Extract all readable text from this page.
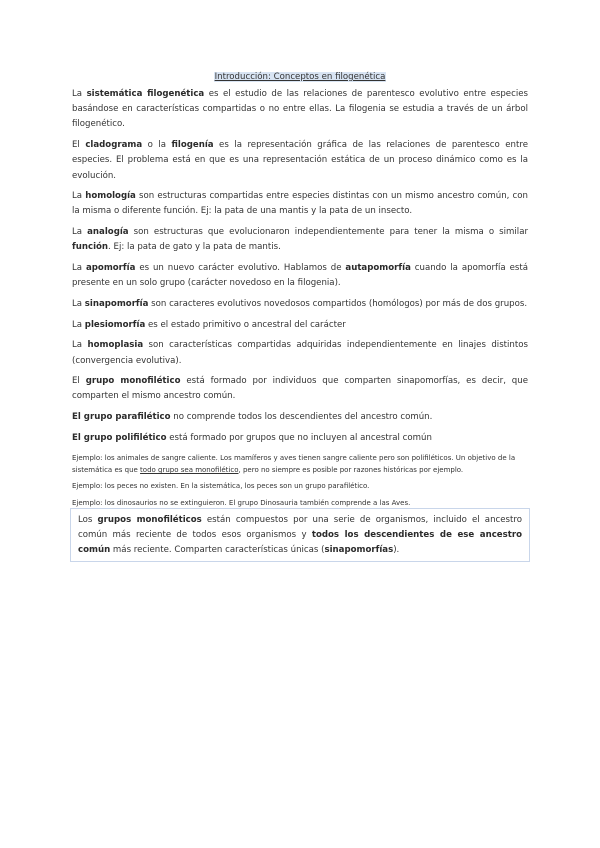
Introducción: Conceptos en filogenética

La sistemática filogenética es el estudio de las relaciones de parentesco evolutivo entre especies basándose en características compartidas o no entre ellas. La filogenia se estudia a través de un árbol filogenético.

El cladograma o la filogenía es la representación gráfica de las relaciones de parentesco entre especies. El problema está en que es una representación estática de un proceso dinámico como es la evolución.

La homología son estructuras compartidas entre especies distintas con un mismo ancestro común, con la misma o diferente función. Ej: la pata de una mantis y la pata de un insecto.

La analogía son estructuras que evolucionaron independientemente para tener la misma o similar función. Ej: la pata de gato y la pata de mantis.

La apomorfía es un nuevo carácter evolutivo. Hablamos de autapomorfía cuando la apomorfía está presente en un solo grupo (carácter novedoso en la filogenia).

La sinapomorfía son caracteres evolutivos novedosos compartidos (homólogos) por más de dos grupos.

La plesiomorfía es el estado primitivo o ancestral del carácter

La homoplasia son características compartidas adquiridas independientemente en linajes distintos (convergencia evolutiva).

El grupo monofilético está formado por individuos que comparten sinapomorfías, es decir, que comparten el mismo ancestro común.

El grupo parafilético no comprende todos los descendientes del ancestro común.

El grupo polifilético está formado por grupos que no incluyen al ancestral común

Ejemplo: los animales de sangre caliente. Los mamíferos y aves tienen sangre caliente pero son polifiléticos. Un objetivo de la sistemática es que todo grupo sea monofilético, pero no siempre es posible por razones históricas por ejemplo.

Ejemplo: los peces no existen. En la sistemática, los peces son un grupo parafilético.

Ejemplo: los dinosaurios no se extinguieron. El grupo Dinosauria también comprende a las Aves.

Los grupos monofiléticos están compuestos por una serie de organismos, incluido el ancestro común más reciente de todos esos organismos y todos los descendientes de ese ancestro común más reciente. Comparten características únicas (sinapomorfías).
